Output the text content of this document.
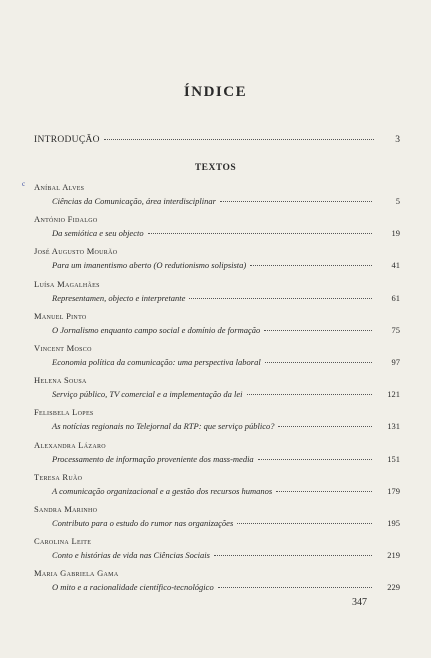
ÍNDICE
INTRODUÇÃO	3
TEXTOS
c Aníbal Alves
Ciências da Comunicação, área interdisciplinar	5
António Fidalgo
Da semiótica e seu objecto	19
José Augusto Mourão
Para um imanentismo aberto (O redutionismo solipsista)	41
Luísa Magalhães
Representamen, objecto e interpretante	61
Manuel Pinto
O Jornalismo enquanto campo social e domínio de formação	75
Vincent Mosco
Economia política da comunicação: uma perspectiva laboral	97
Helena Sousa
Serviço público, TV comercial e a implementação da lei	121
Felisbela Lopes
As notícias regionais no Telejornal da RTP: que serviço público?	131
Alexandra Lázaro
Processamento de informação proveniente dos mass-media	151
Teresa Ruão
A comunicação organizacional e a gestão dos recursos humanos	179
Sandra Marinho
Contributo para o estudo do rumor nas organizações	195
Carolina Leite
Conto e histórias de vida nas Ciências Sociais	219
Maria Gabriela Gama
O mito e a racionalidade científico-tecnológico	229
347
